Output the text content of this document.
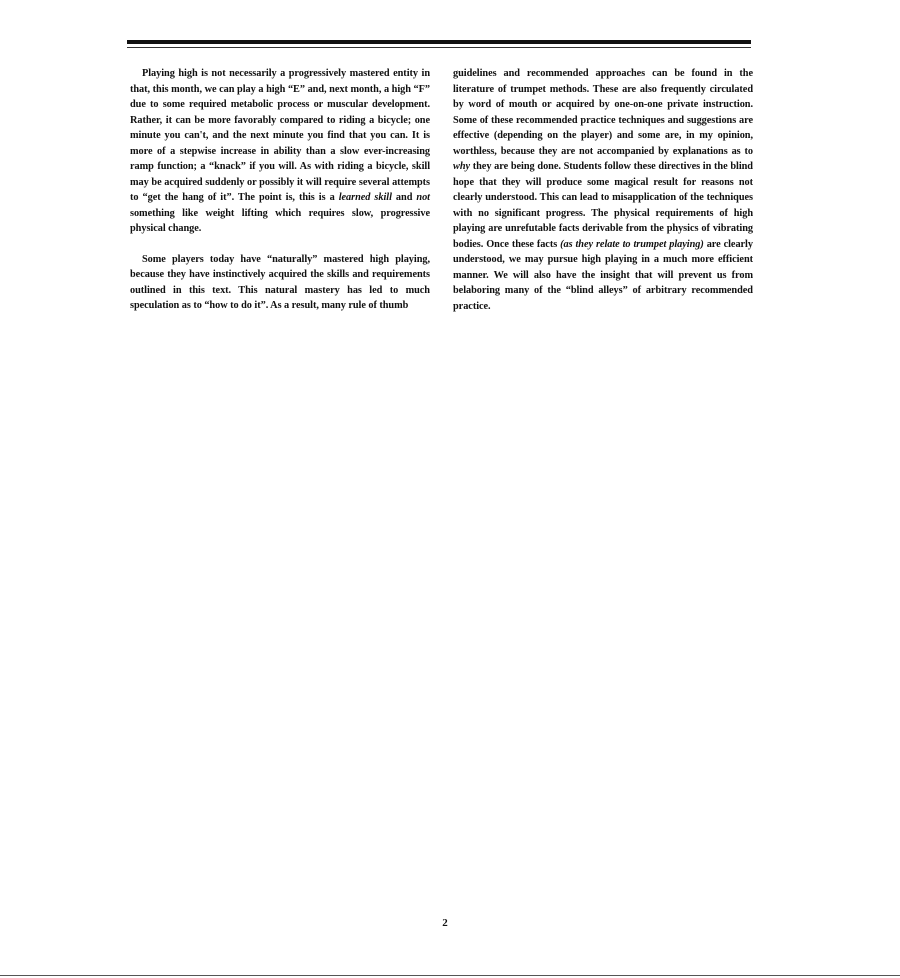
Playing high is not necessarily a progressively mastered entity in that, this month, we can play a high “E” and, next month, a high “F” due to some required metabolic process or muscular development. Rather, it can be more favorably compared to riding a bicycle; one minute you can't, and the next minute you find that you can. It is more of a stepwise increase in ability than a slow ever-increasing ramp function; a “knack” if you will. As with riding a bicycle, skill may be acquired suddenly or possibly it will require several attempts to “get the hang of it”. The point is, this is a learned skill and not something like weight lifting which requires slow, progressive physical change.

Some players today have “naturally” mastered high playing, because they have instinctively acquired the skills and requirements outlined in this text. This natural mastery has led to much speculation as to “how to do it”. As a result, many rule of thumb

guidelines and recommended approaches can be found in the literature of trumpet methods. These are also frequently circulated by word of mouth or acquired by one-on-one private instruction. Some of these recommended practice techniques and suggestions are effective (depending on the player) and some are, in my opinion, worthless, because they are not accompanied by explanations as to why they are being done. Students follow these directives in the blind hope that they will produce some magical result for reasons not clearly understood. This can lead to misapplication of the techniques with no significant progress. The physical requirements of high playing are unrefutable facts derivable from the physics of vibrating bodies. Once these facts (as they relate to trumpet playing) are clearly understood, we may pursue high playing in a much more efficient manner. We will also have the insight that will prevent us from belaboring many of the “blind alleys” of arbitrary recommended practice.

2
